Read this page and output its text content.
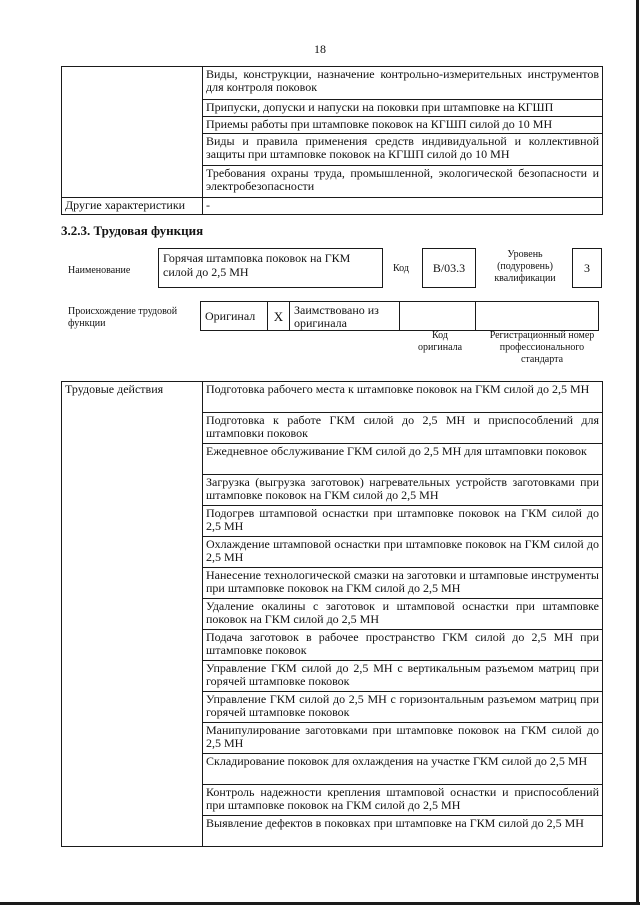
18
	Виды, конструкции, назначение контрольно-измерительных инструментов для контроля поковок
	Припуски, допуски и напуски на поковки при штамповке на КГШП
	Приемы работы при штамповке поковок на КГШП силой до 10 МН
	Виды и правила применения средств индивидуальной и коллективной защиты при штамповке поковок на КГШП силой до 10 МН
	Требования охраны труда, промышленной, экологической безопасности и электробезопасности
Другие характеристики	-
3.2.3. Трудовая функция
Наименование
Горячая штамповка поковок на ГКМ силой до 2,5 МН	Код	B/03.3
Уровень (подуровень) квалификации
3
Происхождение трудовой функции
Оригинал	X	Заимствовано из оригинала		
Код оригинала
Регистрационный номер профессионального стандарта
Трудовые действия	Подготовка рабочего места к штамповке поковок на ГКМ силой до 2,5 МН
Подготовка к работе ГКМ силой до 2,5 МН и приспособлений для штамповки поковок
Ежедневное обслуживание ГКМ силой до 2,5 МН для штамповки поковок
Загрузка (выгрузка заготовок) нагревательных устройств заготовками при штамповке поковок на ГКМ силой до 2,5 МН
Подогрев штамповой оснастки при штамповке поковок на ГКМ силой до 2,5 МН
Охлаждение штамповой оснастки при штамповке поковок на ГКМ силой до 2,5 МН
Нанесение технологической смазки на заготовки и штамповые инструменты при штамповке поковок на ГКМ силой до 2,5 МН
Удаление окалины с заготовок и штамповой оснастки при штамповке поковок на ГКМ силой до 2,5 МН
Подача заготовок в рабочее пространство ГКМ силой до 2,5 МН при штамповке поковок
Управление ГКМ силой до 2,5 МН с вертикальным разъемом матриц при горячей штамповке поковок
Управление ГКМ силой до 2,5 МН с горизонтальным разъемом матриц при горячей штамповке поковок
Манипулирование заготовками при штамповке поковок на ГКМ силой до 2,5 МН
Складирование поковок для охлаждения на участке ГКМ силой до 2,5 МН
Контроль надежности крепления штамповой оснастки и приспособлений при штамповке поковок на ГКМ силой до 2,5 МН
Выявление дефектов в поковках при штамповке на ГКМ силой до 2,5 МН
